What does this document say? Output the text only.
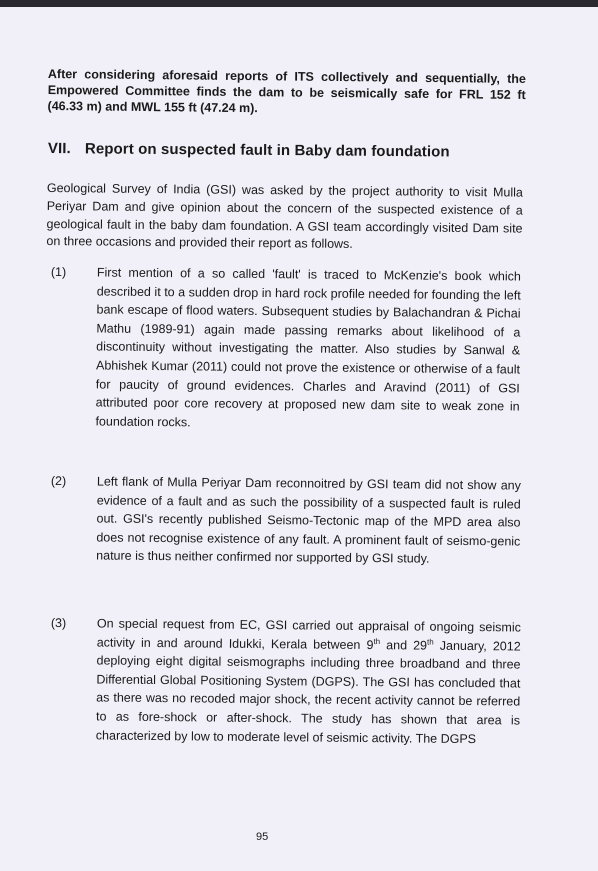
After considering aforesaid reports of ITS collectively and sequentially, the Empowered Committee finds the dam to be seismically safe for FRL 152 ft (46.33 m) and MWL 155 ft (47.24 m).

VII. Report on suspected fault in Baby dam foundation

Geological Survey of India (GSI) was asked by the project authority to visit Mulla Periyar Dam and give opinion about the concern of the suspected existence of a geological fault in the baby dam foundation. A GSI team accordingly visited Dam site on three occasions and provided their report as follows.

(1)	First mention of a so called 'fault' is traced to McKenzie's book which described it to a sudden drop in hard rock profile needed for founding the left bank escape of flood waters. Subsequent studies by Balachandran & Pichai Mathu (1989-91) again made passing remarks about likelihood of a discontinuity without investigating the matter. Also studies by Sanwal & Abhishek Kumar (2011) could not prove the existence or otherwise of a fault for paucity of ground evidences. Charles and Aravind (2011) of GSI attributed poor core recovery at proposed new dam site to weak zone in foundation rocks.
(2)	Left flank of Mulla Periyar Dam reconnoitred by GSI team did not show any evidence of a fault and as such the possibility of a suspected fault is ruled out. GSI's recently published Seismo-Tectonic map of the MPD area also does not recognise existence of any fault. A prominent fault of seismo-genic nature is thus neither confirmed nor supported by GSI study.
(3)	On special request from EC, GSI carried out appraisal of ongoing seismic activity in and around Idukki, Kerala between 9th and 29th January, 2012 deploying eight digital seismographs including three broadband and three Differential Global Positioning System (DGPS). The GSI has concluded that as there was no recoded major shock, the recent activity cannot be referred to as fore-shock or after-shock. The study has shown that area is characterized by low to moderate level of seismic activity. The DGPS
95
